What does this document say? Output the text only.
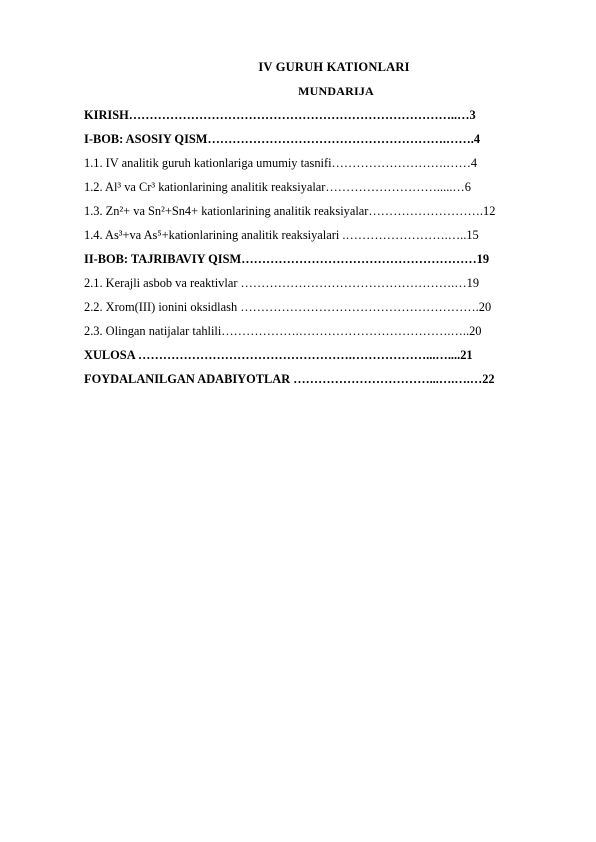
IV GURUH KATIONLARI
MUNDARIJA
KIRISH……………………………………………………………………..…3
I-BOB: ASOSIY QISM………………………………………………….…….4
1.1. IV analitik guruh kationlariga umumiy tasnifi……………………….……4
1.2. Al³ va Cr³ kationlarining analitik reaksiyalar……………………….....…6
1.3. Zn²+ va Sn²+Sn4+ kationlarining analitik reaksiyalar……………………….12
1.4. As³+va As⁵+kationlarining analitik reaksiyalari .…………………….…..15
II-BOB: TAJRIBAVIY QISM…………………………………………………19
2.1. Kerajli asbob va reaktivlar …………………………………………….…19
2.2. Xrom(III) ionini oksidlash ………………………………………………….20
2.3. Olingan natijalar tahlili……………….……………………………….…..20
XULOSA …………………………………………….………………...…....21
FOYDALANILGAN ADABIYOTLAR ……………………………...….….…22
